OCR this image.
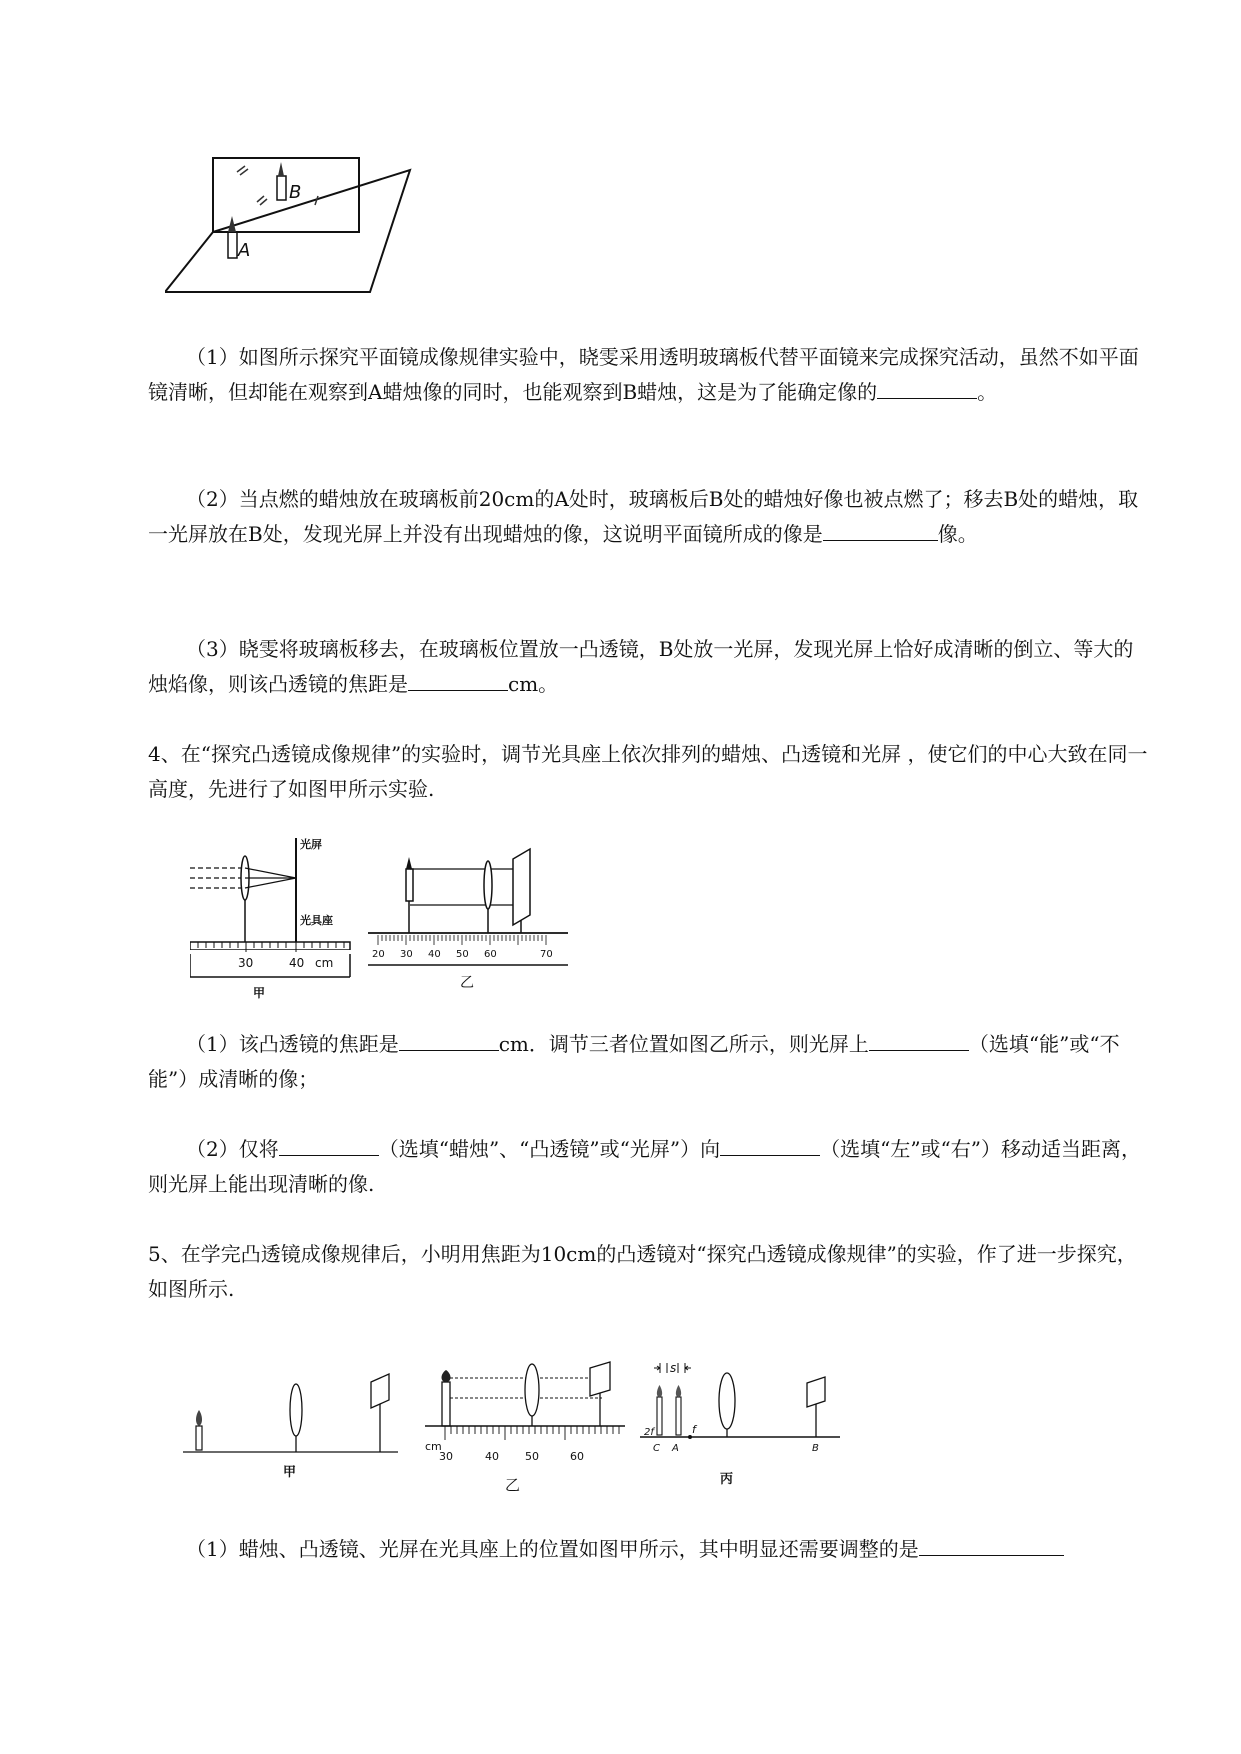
B
A
（1）如图所示探究平面镜成像规律实验中，晓雯采用透明玻璃板代替平面镜来完成探究活动，虽然不如平面镜清晰，但却能在观察到A蜡烛像的同时，也能观察到B蜡烛，这是为了能确定像的	。
（2）当点燃的蜡烛放在玻璃板前20cm的A处时，玻璃板后B处的蜡烛好像也被点燃了；移去B处的蜡烛，取一光屏放在B处，发现光屏上并没有出现蜡烛的像，这说明平面镜所成的像是	像。
（3）晓雯将玻璃板移去，在玻璃板位置放一凸透镜，B处放一光屏，发现光屏上恰好成清晰的倒立、等大的烛焰像，则该凸透镜的焦距是	cm。
4、在“探究凸透镜成像规律”的实验时，调节光具座上依次排列的蜡烛、凸透镜和光屏 ，使它们的中心大致在同一高度，先进行了如图甲所示实验.
光屏
光具座
30	40 cm
甲
20 30 40 50 60	70
乙
（1）该凸透镜的焦距是	cm．调节三者位置如图乙所示，则光屏上	（选填“能”或“不能”）成清晰的像；
（2）仅将	（选填“蜡烛”、“凸透镜”或“光屏”）向	（选填“左”或“右”）移动适当距离，则光屏上能出现清晰的像.
5、在学完凸透镜成像规律后，小明用焦距为10cm的凸透镜对“探究凸透镜成像规律”的实验，作了进一步探究，如图所示.
甲
cm
30	40 50	60
乙
s
2f	f
C A	B
丙
（1）蜡烛、凸透镜、光屏在光具座上的位置如图甲所示，其中明显还需要调整的是
